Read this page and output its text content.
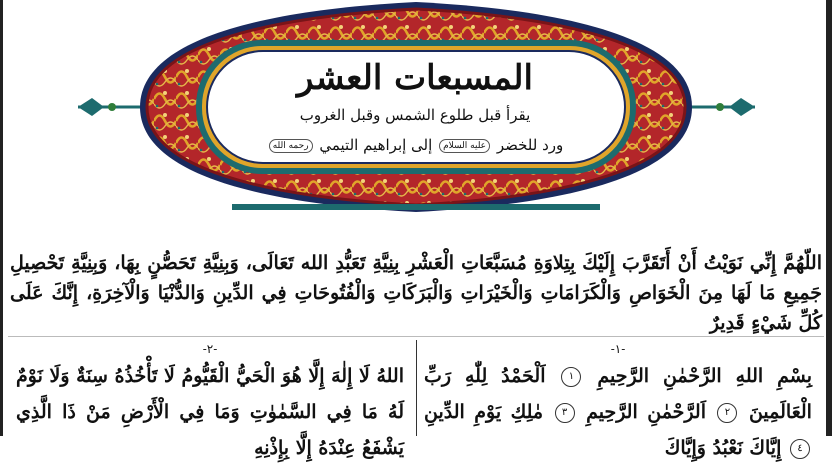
المسبعات العشر
يقرأ قبل طلوع الشمس وقبل الغروب
ورد للخضر عليه السلام إلى إبراهيم التيمي رحمه الله
اللّهُمَّ إِنِّي نَوَيْتُ أَنْ أَتَقَرَّبَ إِلَيْكَ بِتِلاوَةِ مُسَبَّعَاتِ الْعَشْرِ بِنِيَّةِ تَعَبُّدِ الله تَعَالَى، وَبِنِيَّةِ تَحَصُّنٍ بِهَا، وَبِنِيَّةِ تَحْصِيلِ جَمِيعِ مَا لَهَا مِنَ الْخَوَاصِ وَالْكَرَامَاتِ وَالْخَيْرَاتِ وَالْبَرَكَاتِ وَالْفُتُوحَاتِ فِي الدِّينِ وَالدُّنْيَا وَالْآخِرَةِ، إِنَّكَ عَلَى كُلِّ شَيْءٍ قَدِيرٌ
-١-
بِسْمِ اللهِ الرَّحْمٰنِ الرَّحِيمِ ١ اَلْحَمْدُ لِلّٰهِ رَبِّ الْعَالَمِينَ ٢ اَلرَّحْمٰنِ الرَّحِيمِ ٣ مٰلِكِ يَوْمِ الدِّينِ ٤ إِيَّاكَ نَعْبُدُ وَإِيَّاكَ
-٢-
اللهُ لَا إِلٰهَ إِلَّا هُوَ الْحَيُّ الْقَيُّومُ لَا تَأْخُذُهُ سِنَةٌ وَلَا نَوْمٌ لَهُ مَا فِي السَّمٰوٰتِ وَمَا فِي الْأَرْضِ مَنْ ذَا الَّذِي يَشْفَعُ عِنْدَهُ إِلَّا بِإِذْنِهِ
